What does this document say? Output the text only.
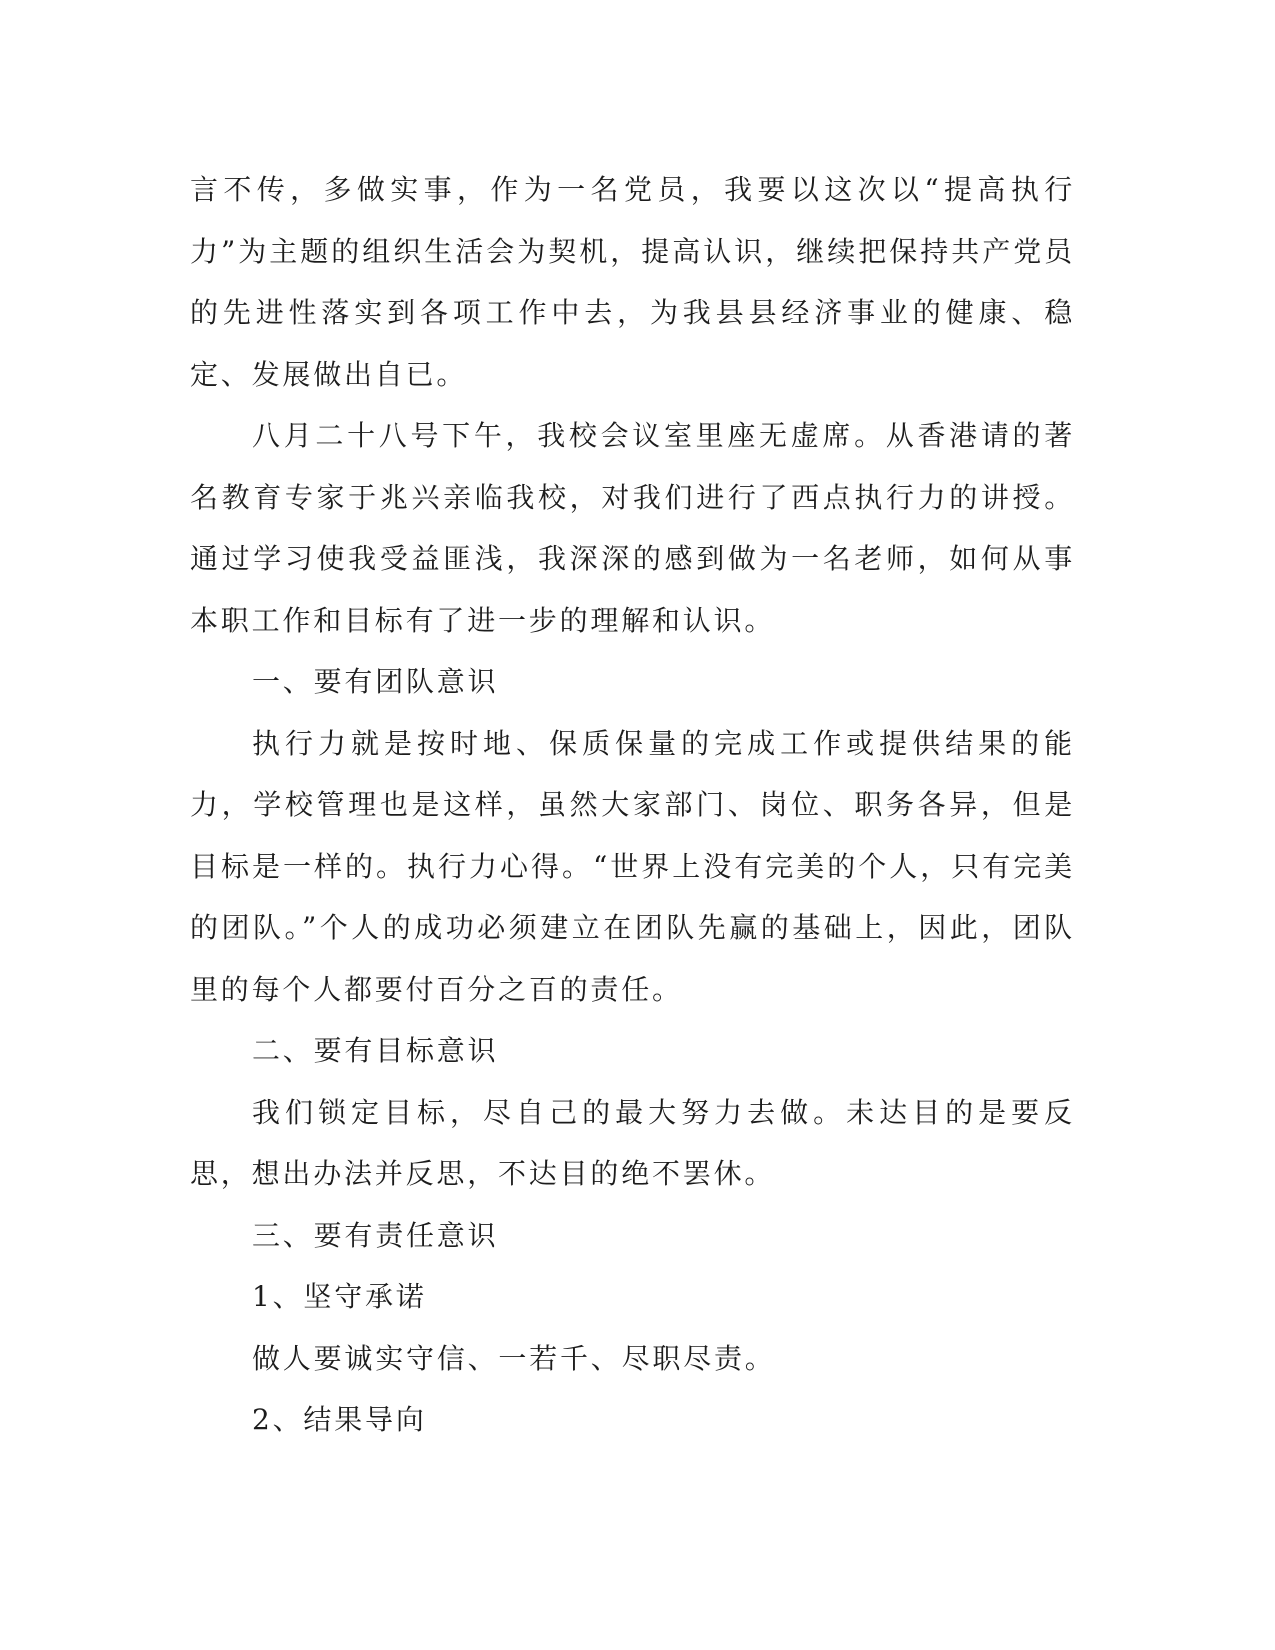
言不传，多做实事，作为一名党员，我要以这次以“提高执行力”为主题的组织生活会为契机，提高认识，继续把保持共产党员的先进性落实到各项工作中去，为我县县经济事业的健康、稳定、发展做出自已。

八月二十八号下午，我校会议室里座无虚席。从香港请的著名教育专家于兆兴亲临我校，对我们进行了西点执行力的讲授。通过学习使我受益匪浅，我深深的感到做为一名老师，如何从事本职工作和目标有了进一步的理解和认识。

一、要有团队意识

执行力就是按时地、保质保量的完成工作或提供结果的能力，学校管理也是这样，虽然大家部门、岗位、职务各异，但是目标是一样的。执行力心得。“世界上没有完美的个人，只有完美的团队。”个人的成功必须建立在团队先赢的基础上，因此，团队里的每个人都要付百分之百的责任。

二、要有目标意识

我们锁定目标，尽自己的最大努力去做。未达目的是要反思，想出办法并反思，不达目的绝不罢休。

三、要有责任意识

1、坚守承诺

做人要诚实守信、一若千、尽职尽责。

2、结果导向
